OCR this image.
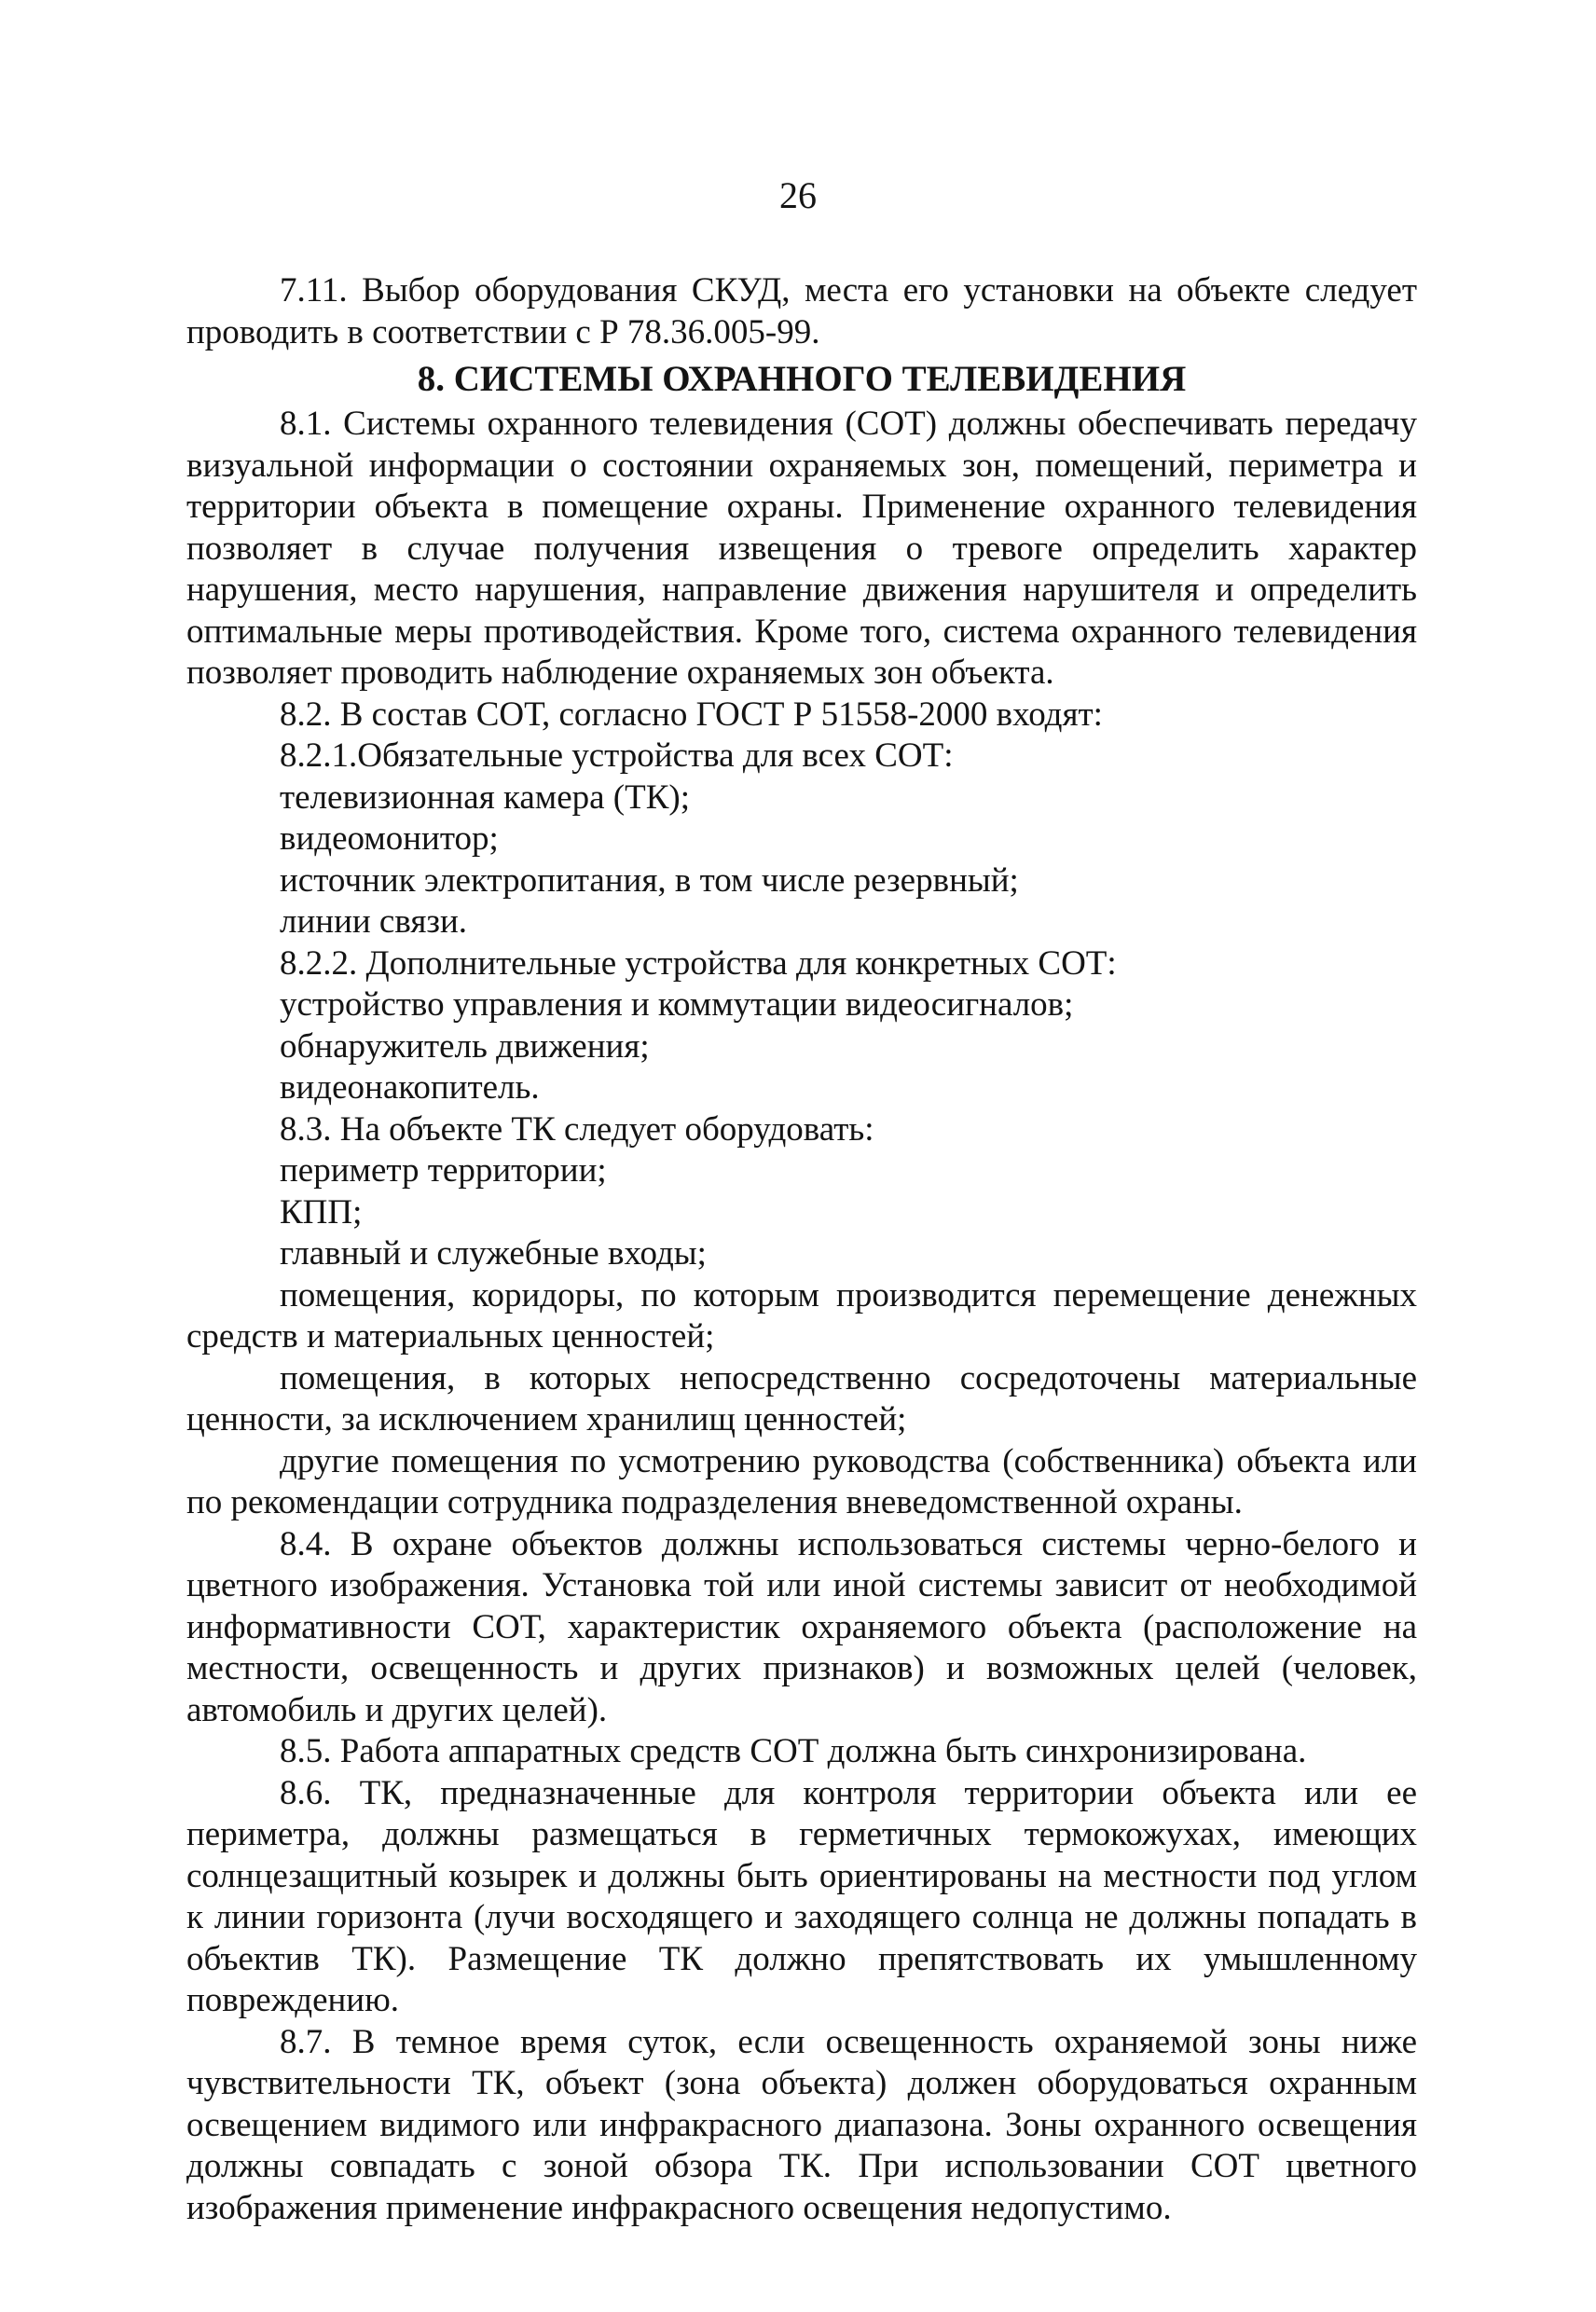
26

7.11. Выбор оборудования СКУД, места его установки на объекте следует проводить в соответствии с Р 78.36.005-99.

8. СИСТЕМЫ ОХРАННОГО ТЕЛЕВИДЕНИЯ

8.1. Системы охранного телевидения (СОТ) должны обеспечивать передачу визуальной информации о состоянии охраняемых зон, помещений, периметра и территории объекта в помещение охраны. Применение охранного телевидения позволяет в случае получения извещения о тревоге определить характер нарушения, место нарушения, направление движения нарушителя и определить оптимальные меры противодействия. Кроме того, система охранного телевидения позволяет проводить наблюдение охраняемых зон объекта.

8.2. В состав СОТ, согласно ГОСТ Р 51558-2000 входят:

8.2.1.Обязательные устройства для всех СОТ:

телевизионная камера (ТК);

видеомонитор;

источник электропитания, в том числе резервный;

линии связи.

8.2.2. Дополнительные устройства для конкретных СОТ:

устройство управления и коммутации видеосигналов;

обнаружитель движения;

видеонакопитель.

8.3. На объекте ТК следует оборудовать:

периметр территории;

КПП;

главный и служебные входы;

помещения, коридоры, по которым производится перемещение денежных средств и материальных ценностей;

помещения, в которых непосредственно сосредоточены материальные ценности, за исключением хранилищ ценностей;

другие помещения по усмотрению руководства (собственника) объекта или по рекомендации сотрудника подразделения вневедомственной охраны.

8.4. В охране объектов должны использоваться системы черно-белого и цветного изображения. Установка той или иной системы зависит от необходимой информативности СОТ, характеристик охраняемого объекта (расположение на местности, освещенность и других признаков) и возможных целей (человек, автомобиль и других целей).

8.5. Работа аппаратных средств СОТ должна быть синхронизирована.

8.6. ТК, предназначенные для контроля территории объекта или ее периметра, должны размещаться в герметичных термокожухах, имеющих солнцезащитный козырек и должны быть ориентированы на местности под углом к линии горизонта (лучи восходящего и заходящего солнца не должны попадать в объектив ТК). Размещение ТК должно препятствовать их умышленному повреждению.

8.7. В темное время суток, если освещенность охраняемой зоны ниже чувствительности ТК, объект (зона объекта) должен оборудоваться охранным освещением видимого или инфракрасного диапазона. Зоны охранного освещения должны совпадать с зоной обзора ТК. При использовании СОТ цветного изображения применение инфракрасного освещения недопустимо.
